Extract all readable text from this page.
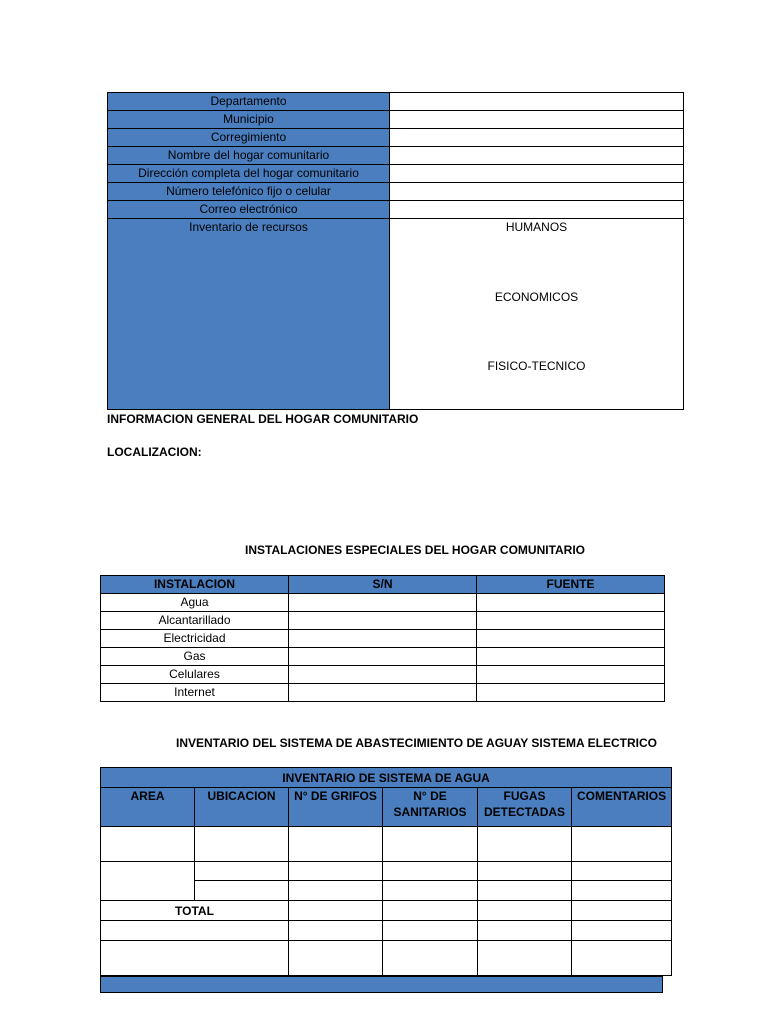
Departamento	
Municipio	
Corregimiento	
Nombre del hogar comunitario	
Dirección completa del hogar comunitario	
Número telefónico fijo o celular	
Correo electrónico	
Inventario de recursos	HUMANOS
ECONOMICOS
FISICO-TECNICO
INFORMACION GENERAL DEL HOGAR COMUNITARIO
LOCALIZACION:
INSTALACIONES ESPECIALES DEL HOGAR COMUNITARIO
INSTALACION	S/N	FUENTE
Agua		
Alcantarillado		
Electricidad		
Gas		
Celulares		
Internet		
INVENTARIO DEL SISTEMA DE ABASTECIMIENTO DE AGUAY SISTEMA ELECTRICO
INVENTARIO DE SISTEMA DE AGUA					
AREA	UBICACION	N° DE GRIFOS	N° DE SANITARIOS	FUGAS DETECTADAS	COMENTARIOS

TOTAL					
